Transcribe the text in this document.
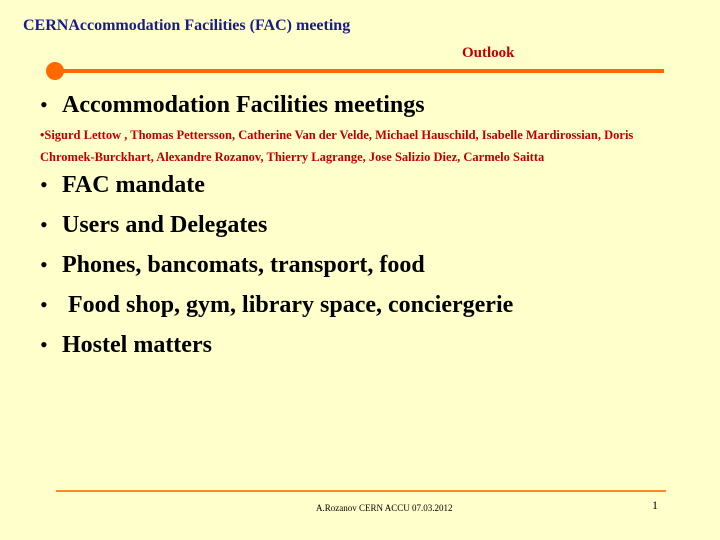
CERNAccommodation Facilities (FAC) meeting
Outlook
• Accommodation Facilities meetings
•Sigurd Lettow , Thomas Pettersson, Catherine Van der Velde, Michael Hauschild, Isabelle Mardirossian, Doris Chromek-Burckhart, Alexandre Rozanov, Thierry Lagrange, Jose Salizio Diez, Carmelo Saitta
• FAC mandate
• Users and Delegates
• Phones, bancomats, transport, food
• Food shop, gym, library space, conciergerie
• Hostel matters
A.Rozanov CERN ACCU 07.03.2012	1
